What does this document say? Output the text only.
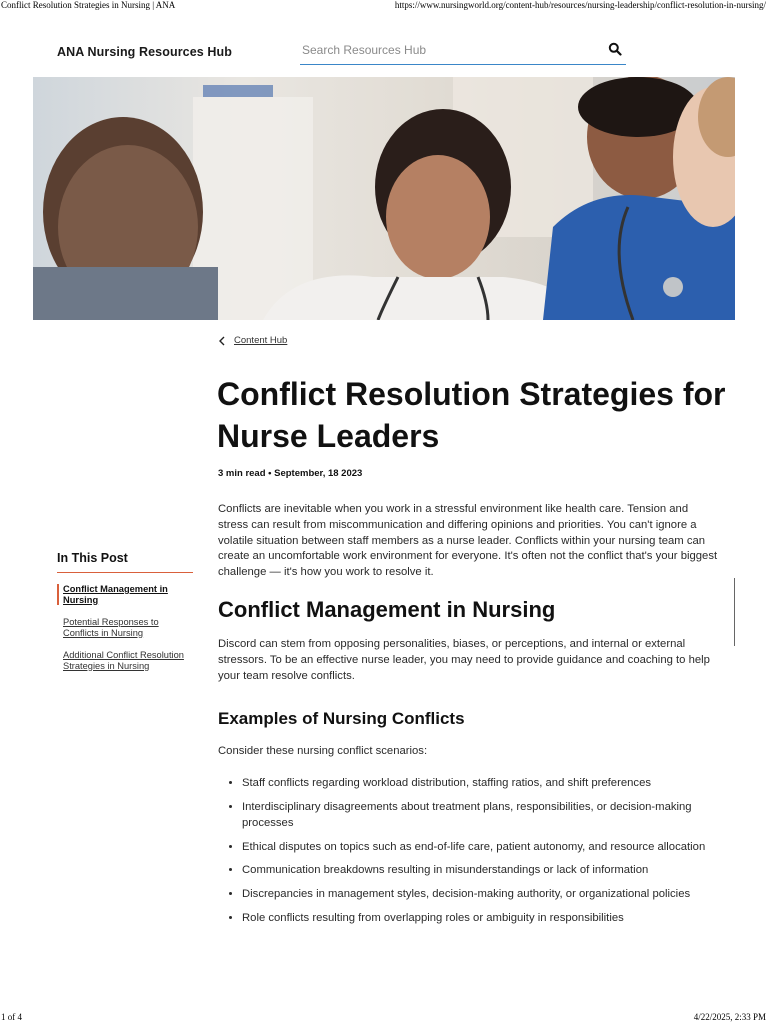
Conflict Resolution Strategies in Nursing | ANA	https://www.nursingworld.org/content-hub/resources/nursing-leadership/conflict-resolution-in-nursing/
ANA Nursing Resources Hub
Search Resources Hub
Content Hub
Conflict Resolution Strategies for Nurse Leaders
3 min read • September, 18 2023

Conflicts are inevitable when you work in a stressful environment like health care. Tension and stress can result from miscommunication and differing opinions and priorities. You can't ignore a volatile situation between staff members as a nurse leader. Conflicts within your nursing team can create an uncomfortable work environment for everyone. It's often not the conflict that's your biggest challenge — it's how you work to resolve it.

Conflict Management in Nursing

Discord can stem from opposing personalities, biases, or perceptions, and internal or external stressors. To be an effective nurse leader, you may need to provide guidance and coaching to help your team resolve conflicts.

Examples of Nursing Conflicts

Consider these nursing conflict scenarios:

• Staff conflicts regarding workload distribution, staffing ratios, and shift preferences
• Interdisciplinary disagreements about treatment plans, responsibilities, or decision-making processes
• Ethical disputes on topics such as end-of-life care, patient autonomy, and resource allocation
• Communication breakdowns resulting in misunderstandings or lack of information
• Discrepancies in management styles, decision-making authority, or organizational policies
• Role conflicts resulting from overlapping roles or ambiguity in responsibilities
In This Post
Conflict Management in Nursing
Potential Responses to Conflicts in Nursing
Additional Conflict Resolution Strategies in Nursing
1 of 4	4/22/2025, 2:33 PM
